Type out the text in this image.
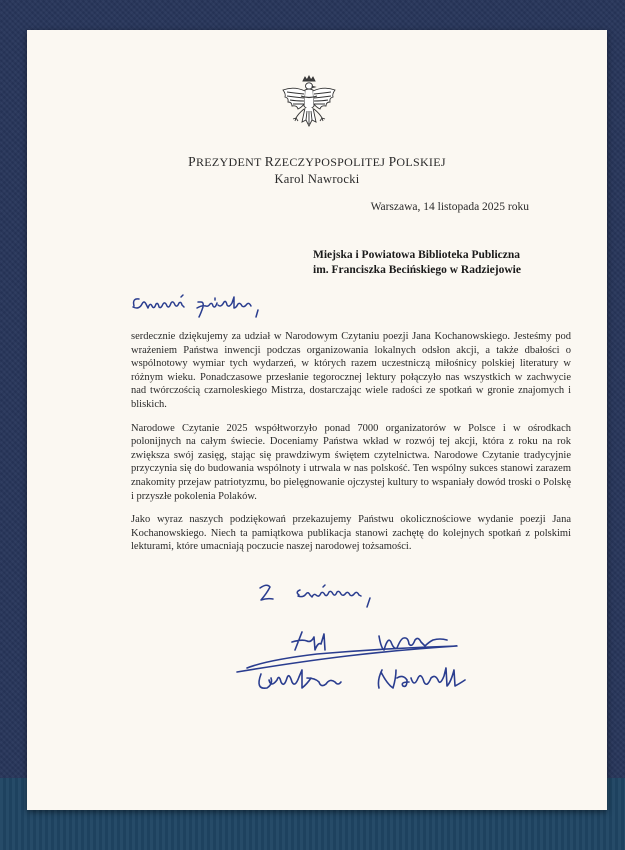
PREZYDENT RZECZYPOSPOLITEJ POLSKIEJ
Karol Nawrocki
Warszawa, 14 listopada 2025 roku
Miejska i Powiatowa Biblioteka Publiczna
im. Franciszka Becińskiego w Radziejowie

serdecznie dziękujemy za udział w Narodowym Czytaniu poezji Jana Kochanowskiego. Jesteśmy pod wrażeniem Państwa inwencji podczas organizowania lokalnych odsłon akcji, a także dbałości o wspólnotowy wymiar tych wydarzeń, w których razem uczestniczą miłośnicy polskiej literatury w różnym wieku. Ponadczasowe przesłanie tegorocznej lektury połączyło nas wszystkich w zachwycie nad twórczością czarnoleskiego Mistrza, dostarczając wiele radości ze spotkań w gronie znajomych i bliskich.

Narodowe Czytanie 2025 współtworzyło ponad 7000 organizatorów w Polsce i w ośrodkach polonijnych na całym świecie. Doceniamy Państwa wkład w rozwój tej akcji, która z roku na rok zwiększa swój zasięg, stając się prawdziwym świętem czytelnictwa. Narodowe Czytanie tradycyjnie przyczynia się do budowania wspólnoty i utrwala w nas polskość. Ten wspólny sukces stanowi zarazem znakomity przejaw patriotyzmu, bo pielęgnowanie ojczystej kultury to wspaniały dowód troski o Polskę i przyszłe pokolenia Polaków.

Jako wyraz naszych podziękowań przekazujemy Państwu okolicznościowe wydanie poezji Jana Kochanowskiego. Niech ta pamiątkowa publikacja stanowi zachętę do kolejnych spotkań z polskimi lekturami, które umacniają poczucie naszej narodowej tożsamości.
